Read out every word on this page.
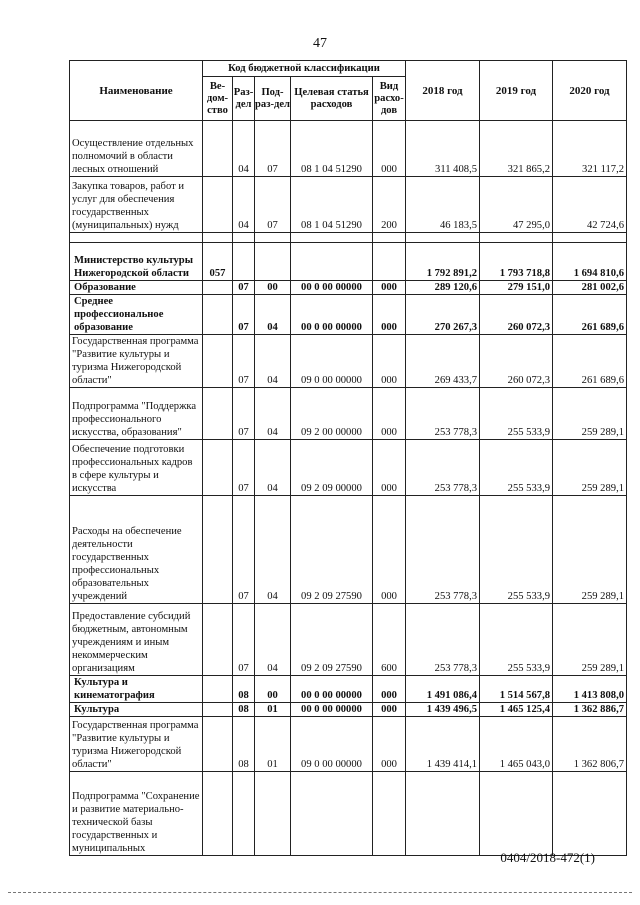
47
Наименование	Код бюджетной классификации					2018 год	2019 год	2020 год
	Ве-дом-ство	Раз-дел	Под-раз-дел	Целевая статья расходов	Вид расхо-дов			
Осуществление отдельных полномочий в области лесных отношений		04	07	08 1 04 51290	000	311 408,5	321 865,2	321 117,2
Закупка товаров, работ и услуг для обеспечения государственных (муниципальных) нужд		04	07	08 1 04 51290	200	46 183,5	47 295,0	42 724,6

Министерство культуры Нижегородской области	057					1 792 891,2	1 793 718,8	1 694 810,6
Образование		07	00	00 0 00 00000	000	289 120,6	279 151,0	281 002,6
Среднее профессиональное образование		07	04	00 0 00 00000	000	270 267,3	260 072,3	261 689,6
Государственная программа "Развитие культуры и туризма Нижегородской области"		07	04	09 0 00 00000	000	269 433,7	260 072,3	261 689,6
Подпрограмма "Поддержка профессионального искусства, образования"		07	04	09 2 00 00000	000	253 778,3	255 533,9	259 289,1
Обеспечение подготовки профессиональных кадров в сфере культуры и искусства		07	04	09 2 09 00000	000	253 778,3	255 533,9	259 289,1
Расходы на обеспечение деятельности государственных профессиональных образовательных учреждений		07	04	09 2 09 27590	000	253 778,3	255 533,9	259 289,1
Предоставление субсидий бюджетным, автономным учреждениям и иным некоммерческим организациям		07	04	09 2 09 27590	600	253 778,3	255 533,9	259 289,1
Культура и кинематография		08	00	00 0 00 00000	000	1 491 086,4	1 514 567,8	1 413 808,0
Культура		08	01	00 0 00 00000	000	1 439 496,5	1 465 125,4	1 362 886,7
Государственная программа "Развитие культуры и туризма Нижегородской области"		08	01	09 0 00 00000	000	1 439 414,1	1 465 043,0	1 362 806,7
Подпрограмма "Сохранение и развитие материально-технической базы государственных и муниципальных								
0404/2018-472(1)
